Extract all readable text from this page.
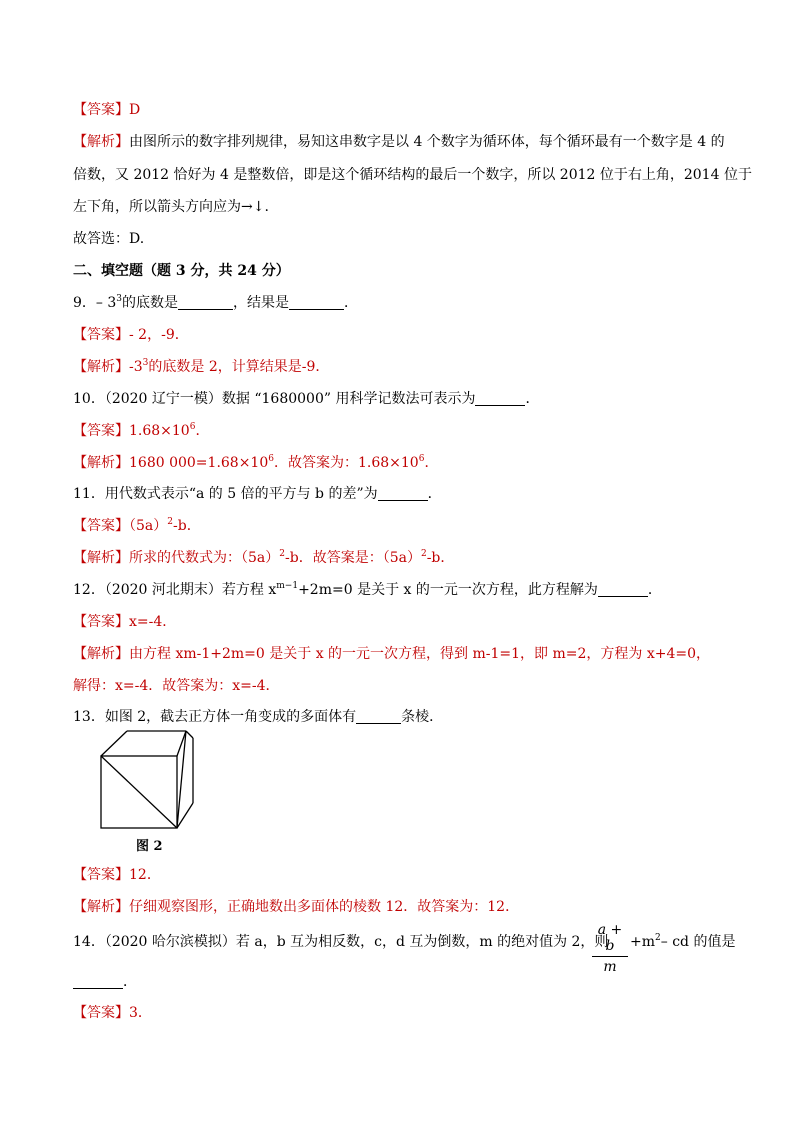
【答案】D
【解析】由图所示的数字排列规律，易知这串数字是以 4 个数字为循环体，每个循环最有一个数字是 4 的
倍数，又 2012 恰好为 4 是整数倍，即是这个循环结构的最后一个数字，所以 2012 位于右上角，2014 位于
左下角，所以箭头方向应为→↓.
故答选：D.
二、填空题（题 3 分，共 24 分）
9．– $3^3$的底数是	，结果是	．
【答案】- 2，-9．
【解析】$-3^3$的底数是 2，计算结果是-9．
10．（2020 辽宁一模）数据 “1680000” 用科学记数法可表示为	．
【答案】$1.68\times 10^6$．
【解析】1680 $000=1.68\times 10^6$．故答案为：$1.68\times 10^6$．
11．用代数式表示“a 的 5 倍的平方与 b 的差”为	．
【答案】$(5a)^2-b$．
【解析】所求的代数式为：$(5a)^2-b$．故答案是：$(5a)^2-b$．
12．（2020 河北期末）若方程 $x^{m-1}+2m=0$ 是关于 x 的一元一次方程，此方程解为	．
【答案】x=-4．
【解析】由方程 xm-1+2m=0 是关于 x 的一元一次方程，得到 m-1=1，即 m=2，方程为 x+4=0，
解得：x=-4．故答案为：x=-4．
13．如图 2，截去正方体一角变成的多面体有	条棱．
图 2
【答案】12．
【解析】仔细观察图形，正确地数出多面体的棱数 12．故答案为：12．
14．（2020 哈尔滨模拟）若 a，b 互为相反数，c，d 互为倒数，m 的绝对值为 2，则
$\frac{a + b}{m} +m^2-$ cd 的值是
．
【答案】3．
